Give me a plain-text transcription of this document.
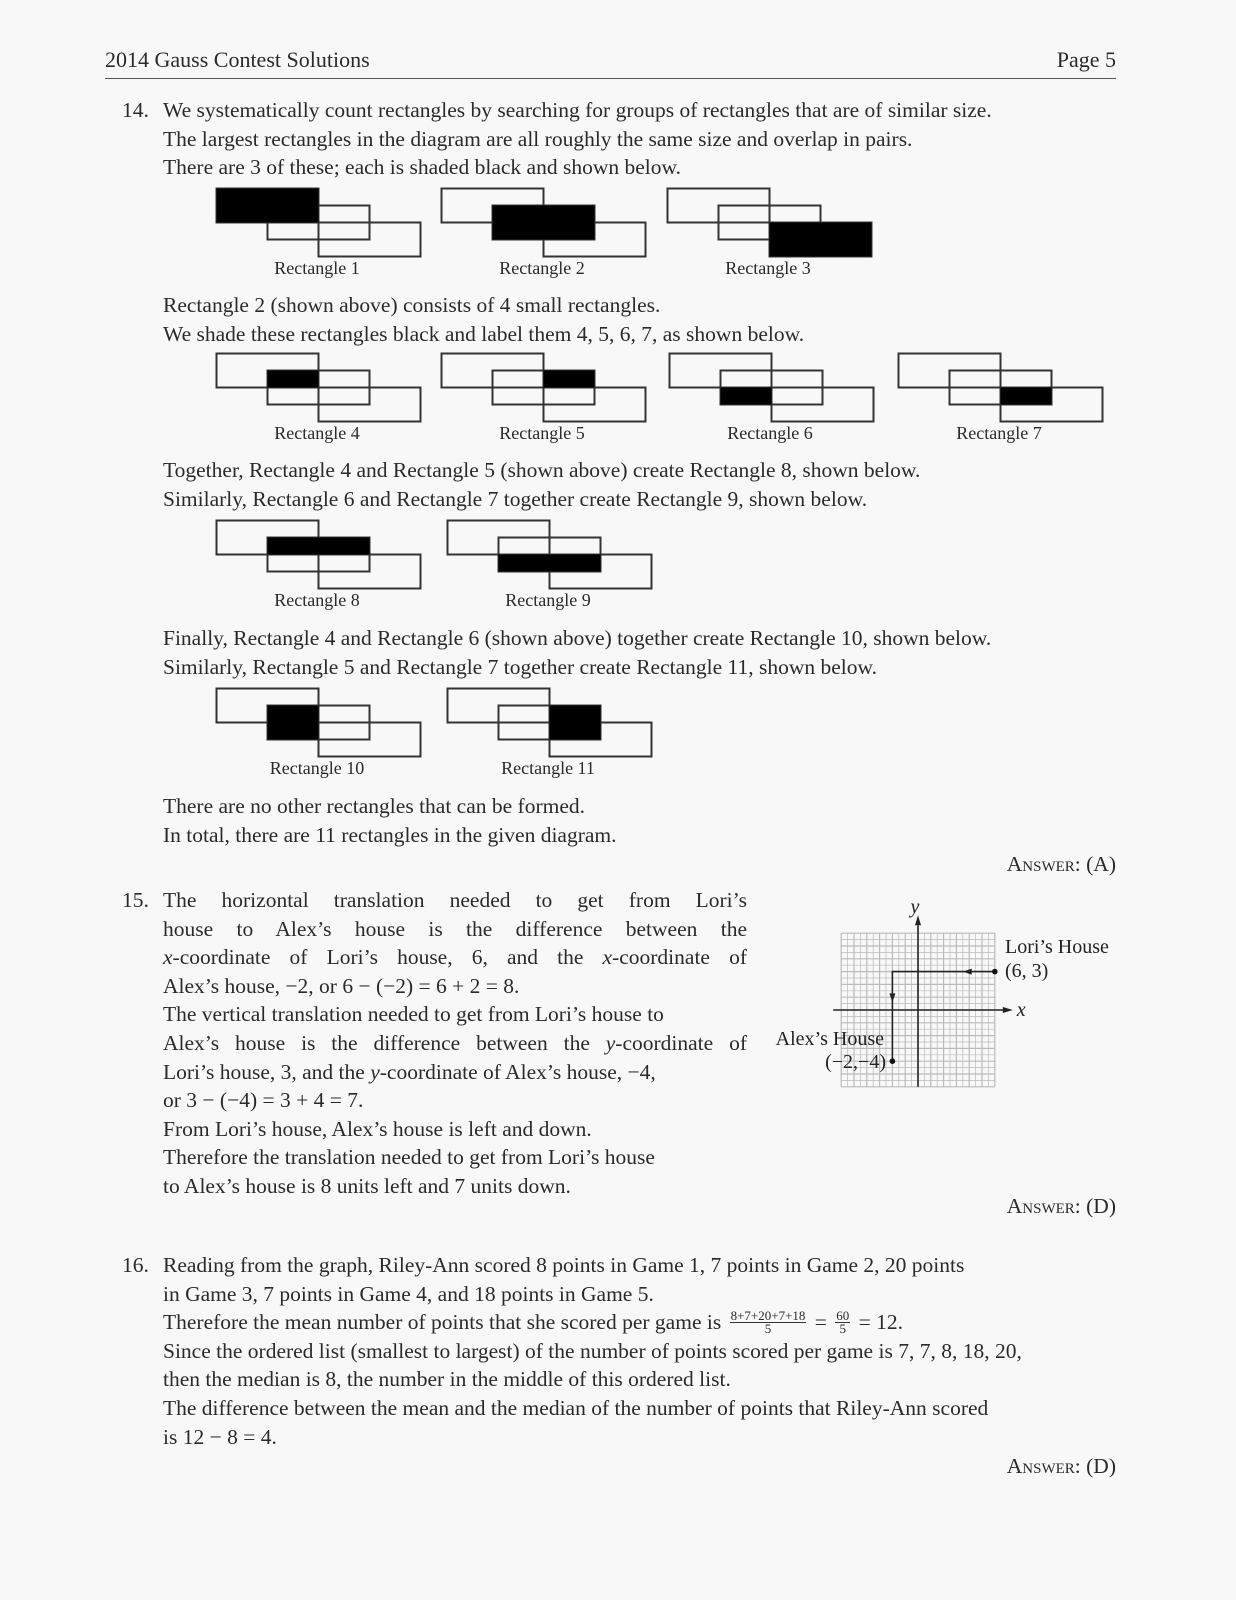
2014 Gauss Contest Solutions	Page 5
14.
15.	y
x
Lori’s House
(6, 3)
Alex’s House
(−2,−4)
Answer: (D)
16.
Answer: (D)
We systematically count rectangles by searching for groups of rectangles that are of similar size.
The largest rectangles in the diagram are all roughly the same size and overlap in pairs.
There are 3 of these; each is shaded black and shown below.
Rectangle 2 (shown above) consists of 4 small rectangles.
We shade these rectangles black and label them 4, 5, 6, 7, as shown below.
Together, Rectangle 4 and Rectangle 5 (shown above) create Rectangle 8, shown below.
Similarly, Rectangle 6 and Rectangle 7 together create Rectangle 9, shown below.
Finally, Rectangle 4 and Rectangle 6 (shown above) together create Rectangle 10, shown below.
Similarly, Rectangle 5 and Rectangle 7 together create Rectangle 11, shown below.
There are no other rectangles that can be formed.
In total, there are 11 rectangles in the given diagram.
Rectangle 1	Rectangle 2	Rectangle 3
Rectangle 4	Rectangle 5	Rectangle 6	Rectangle 7
Rectangle 8	Rectangle 9
Rectangle 10	Rectangle 11
Answer: (A)
The horizontal translation needed to get from Lori’s
house to Alex’s house is the difference between the
x-coordinate of Lori’s house, 6, and the x-coordinate of
Alex’s house, −2, or 6 − (−2) = 6 + 2 = 8.
The vertical translation needed to get from Lori’s house to
Alex’s house is the difference between the y-coordinate of
Lori’s house, 3, and the y-coordinate of Alex’s house, −4,
or 3 − (−4) = 3 + 4 = 7.
From Lori’s house, Alex’s house is left and down.
Therefore the translation needed to get from Lori’s house
to Alex’s house is 8 units left and 7 units down.
Reading from the graph, Riley-Ann scored 8 points in Game 1, 7 points in Game 2, 20 points
in Game 3, 7 points in Game 4, and 18 points in Game 5.
Therefore the mean number of points that she scored per game is $\frac{8+7+20+7+18}{5} = \frac{60}{5} = 12$.
Since the ordered list (smallest to largest) of the number of points scored per game is 7, 7, 8, 18, 20,
then the median is 8, the number in the middle of this ordered list.
The difference between the mean and the median of the number of points that Riley-Ann scored
is 12 − 8 = 4.
